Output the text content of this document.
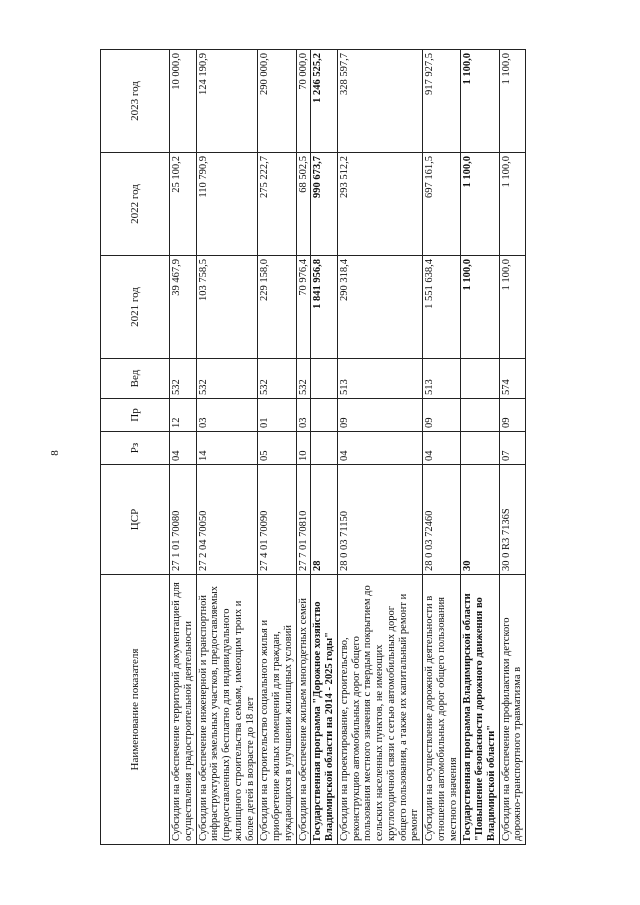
8
Наименование показателя	ЦСР	Рз	Пр	Вед	2021 год	2022 год	2023 год
Субсидии на обеспечение территорий документацией для осуществления градостроительной деятельности	27 1 01 70080	04	12	532	39 467,9	25 100,2	10 000,0
Субсидии на обеспечение инженерной и транспортной инфраструктурой земельных участков, предоставляемых (предоставленных) бесплатно для индивидуального жилищного строительства семьям, имеющим троих и более детей в возрасте до 18 лет	27 2 04 70050	14	03	532	103 758,5	110 790,9	124 190,9
Субсидии на строительство социального жилья и приобретение жилых помещений для граждан, нуждающихся в улучшении жилищных условий	27 4 01 70090	05	01	532	229 158,0	275 222,7	290 000,0
Субсидии на обеспечение жильем многодетных семей	27 7 01 70810	10	03	532	70 976,4	68 502,5	70 000,0
Государственная программа "Дорожное хозяйство Владимирской области на 2014 - 2025 годы"	28				1 841 956,8	990 673,7	1 246 525,2
Субсидии на проектирование, строительство, реконструкцию автомобильных дорог общего пользования местного значения с твердым покрытием до сельских населенных пунктов, не имеющих круглогодичной связи с сетью автомобильных дорог общего пользования, а также их капитальный ремонт и ремонт	28 0 03 71150	04	09	513	290 318,4	293 512,2	328 597,7
Субсидии на осуществление дорожной деятельности в отношении автомобильных дорог общего пользования местного значения	28 0 03 72460	04	09	513	1 551 638,4	697 161,5	917 927,5
Государственная программа Владимирской области "Повышение безопасности дорожного движения во Владимирской области"	30				1 100,0	1 100,0	1 100,0
Субсидии на обеспечение профилактики детского дорожно-транспортного травматизма в	30 0 R3 7136S	07	09	574	1 100,0	1 100,0	1 100,0
